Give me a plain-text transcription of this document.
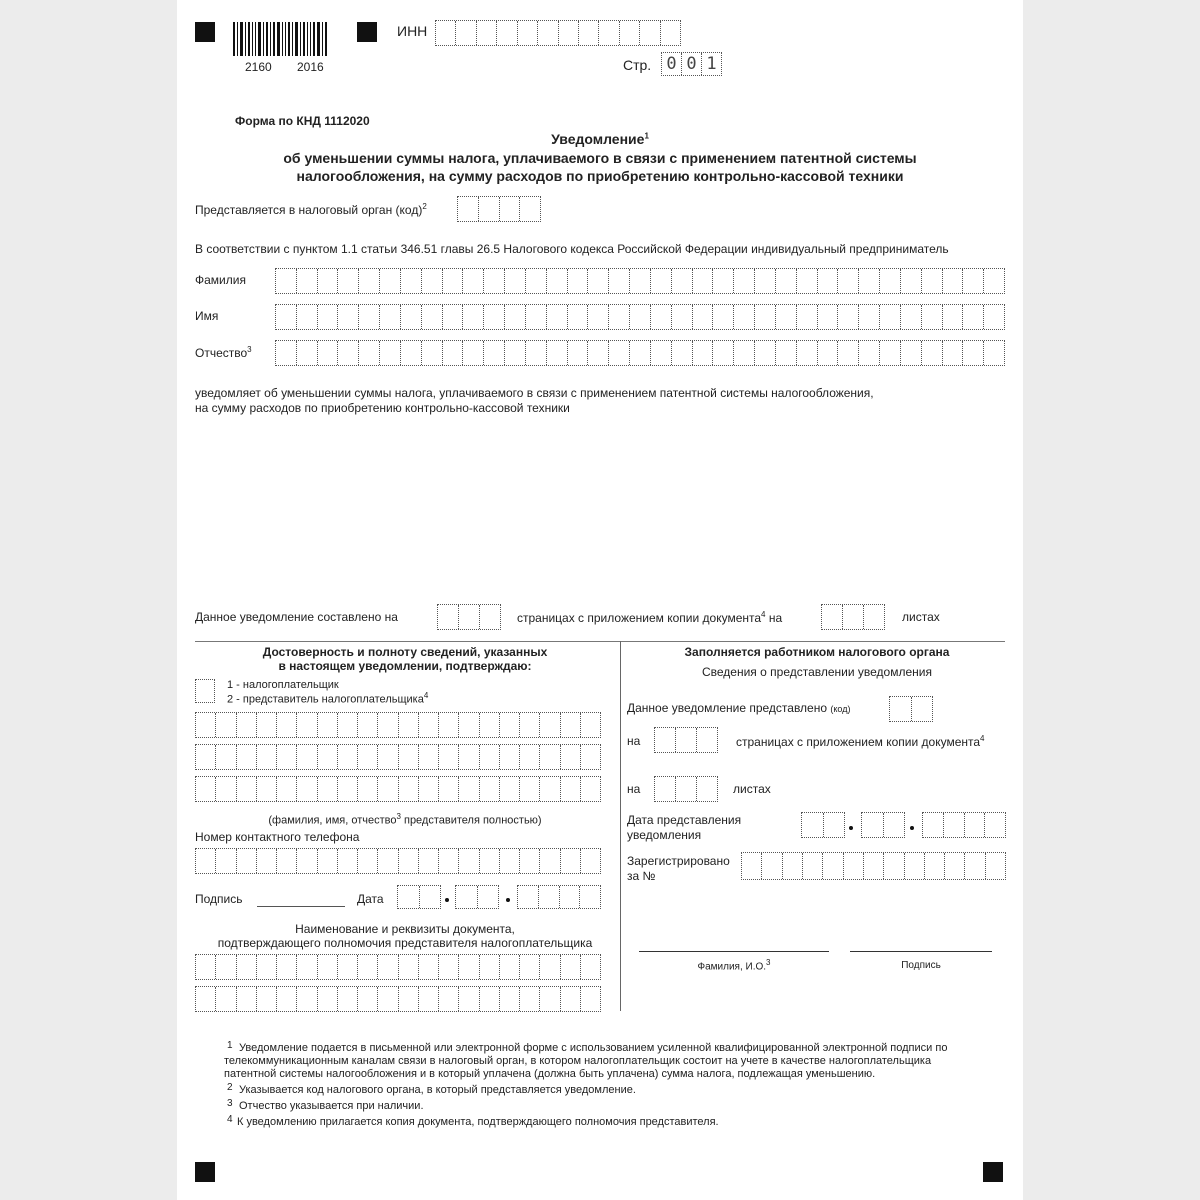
2160 2016
ИНН
Стр. 0 0 1
Форма по КНД 1112020
Уведомление$^1$
об уменьшении суммы налога, уплачиваемого в связи с применением патентной системы
налогообложения, на сумму расходов по приобретению контрольно-кассовой техники
Представляется в налоговый орган (код)$^2$
В соответствии с пунктом 1.1 статьи 346.51 главы 26.5 Налогового кодекса Российской Федерации индивидуальный предприниматель
Фамилия
Имя
Отчество$^3$
уведомляет об уменьшении суммы налога, уплачиваемого в связи с применением патентной системы налогообложения,
на сумму расходов по приобретению контрольно-кассовой техники
Данное уведомление составлено на	страницах с приложением копии документа$^4$ на	листах
Достоверность и полноту сведений, указанных
в настоящем уведомлении, подтверждаю:
1 - налогоплательщик
2 - представитель налогоплательщика$^4$
(фамилия, имя, отчество$^3$ представителя полностью)
Номер контактного телефона
Подпись	Дата
Наименование и реквизиты документа,
подтверждающего полномочия представителя налогоплательщика
Заполняется работником налогового органа
Сведения о представлении уведомления
Данное уведомление представлено (код)
на	страницах с приложением копии документа$^4$
на	листах
Дата представления
уведомления
Зарегистрировано
за №
Фамилия, И.О.$^3$	Подпись
1 Уведомление подается в письменной или электронной форме с использованием усиленной квалифицированной электронной подписи по
телекоммуникационным каналам связи в налоговый орган, в котором налогоплательщик состоит на учете в качестве налогоплательщика
патентной системы налогообложения и в который уплачена (должна быть уплачена) сумма налога, подлежащая уменьшению.
2 Указывается код налогового органа, в который представляется уведомление.
3 Отчество указывается при наличии.
4 К уведомлению прилагается копия документа, подтверждающего полномочия представителя.
